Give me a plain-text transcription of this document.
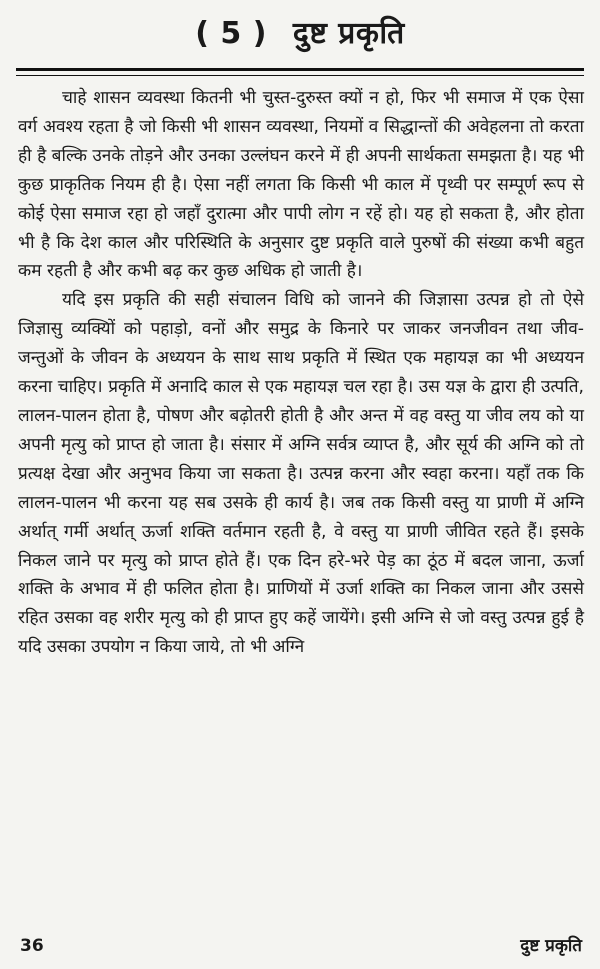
( 5 ) दुष्ट प्रकृति

चाहे शासन व्यवस्था कितनी भी चुस्त-दुरुस्त क्यों न हो, फिर भी समाज में एक ऐसा वर्ग अवश्य रहता है जो किसी भी शासन व्यवस्था, नियमों व सिद्धान्तों की अवेहलना तो करता ही है बल्कि उनके तोड़ने और उनका उल्लंघन करने में ही अपनी सार्थकता समझता है। यह भी कुछ प्राकृतिक नियम ही है। ऐसा नहीं लगता कि किसी भी काल में पृथ्वी पर सम्पूर्ण रूप से कोई ऐसा समाज रहा हो जहाँ दुरात्मा और पापी लोग न रहें हो। यह हो सकता है, और होता भी है कि देश काल और परिस्थिति के अनुसार दुष्ट प्रकृति वाले पुरुषों की संख्या कभी बहुत कम रहती है और कभी बढ़ कर कुछ अधिक हो जाती है।

यदि इस प्रकृति की सही संचालन विधि को जानने की जिज्ञासा उत्पन्न हो तो ऐसे जिज्ञासु व्यक्यिों को पहाड़ो, वनों और समुद्र के किनारे पर जाकर जनजीवन तथा जीव-जन्तुओं के जीवन के अध्ययन के साथ साथ प्रकृति में स्थित एक महायज्ञ का भी अध्ययन करना चाहिए। प्रकृति में अनादि काल से एक महायज्ञ चल रहा है। उस यज्ञ के द्वारा ही उत्पति, लालन-पालन होता है, पोषण और बढ़ोतरी होती है और अन्त में वह वस्तु या जीव लय को या अपनी मृत्यु को प्राप्त हो जाता है। संसार में अग्नि सर्वत्र व्याप्त है, और सूर्य की अग्नि को तो प्रत्यक्ष देखा और अनुभव किया जा सकता है। उत्पन्न करना और स्वहा करना। यहाँ तक कि लालन-पालन भी करना यह सब उसके ही कार्य है। जब तक किसी वस्तु या प्राणी में अग्नि अर्थात् गर्मी अर्थात् ऊर्जा शक्ति वर्तमान रहती है, वे वस्तु या प्राणी जीवित रहते हैं। इसके निकल जाने पर मृत्यु को प्राप्त होते हैं। एक दिन हरे-भरे पेड़ का ठूंठ में बदल जाना, ऊर्जा शक्ति के अभाव में ही फलित होता है। प्राणियों में उर्जा शक्ति का निकल जाना और उससे रहित उसका वह शरीर मृत्यु को ही प्राप्त हुए कहें जायेंगे। इसी अग्नि से जो वस्तु उत्पन्न हुई है यदि उसका उपयोग न किया जाये, तो भी अग्नि

36	दुष्ट प्रकृति
